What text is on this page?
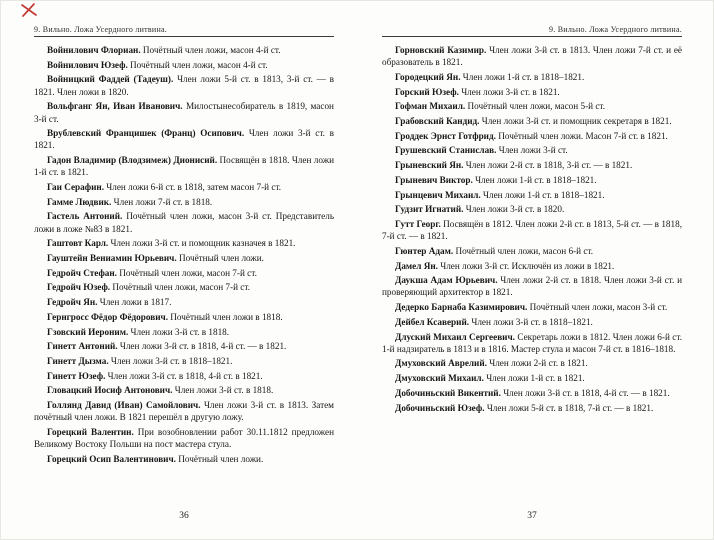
9. Вильно. Ложа Усердного литвина.

Войнилович Флориан. Почётный член ложи, масон 4-й ст.

Войнилович Юзеф. Почётный член ложи, масон 4-й ст.

Войницкий Фаддей (Тадеуш). Член ложи 5-й ст. в 1813, 3-й ст. — в 1821. Член ложи в 1820.

Вольфганг Ян, Иван Иванович. Милостынесобиратель в 1819, масон 3-й ст.

Врублевский Францишек (Франц) Осипович. Член ложи 3-й ст. в 1821.

Гадон Владимир (Влодзимеж) Дионисий. Посвящён в 1818. Член ложи 1-й ст. в 1821.

Гаи Серафин. Член ложи 6-й ст. в 1818, затем масон 7-й ст.

Гамме Людвик. Член ложи 7-й ст. в 1818.

Гастель Антоний. Почётный член ложи, масон 3-й ст. Представитель ложи в ложе №83 в 1821.

Гаштовт Карл. Член ложи 3-й ст. и помощник казначея в 1821.

Гауштейн Вениамин Юрьевич. Почётный член ложи.

Гедройч Стефан. Почётный член ложи, масон 7-й ст.

Гедройч Юзеф. Почётный член ложи, масон 7-й ст.

Гедройч Ян. Член ложи в 1817.

Гернгросс Фёдор Фёдорович. Почётный член ложи в 1818.

Гзовский Иероним. Член ложи 3-й ст. в 1818.

Гинетт Антоний. Член ложи 3-й ст. в 1818, 4-й ст. — в 1821.

Гинетт Дызма. Член ложи 3-й ст. в 1818–1821.

Гинетт Юзеф. Член ложи 3-й ст. в 1818, 4-й ст. в 1821.

Гловацкий Иосиф Антонович. Член ложи 3-й ст. в 1818.

Голлянд Давид (Иван) Самойлович. Член ложи 3-й ст. в 1813. Затем почётный член ложи. В 1821 перешёл в другую ложу.

Горецкий Валентин. При возобновлении работ 30.11.1812 предложен Великому Востоку Польши на пост мастера стула.

Горецкий Осип Валентинович. Почётный член ложи.

36
9. Вильно. Ложа Усердного литвина.

Горновский Казимир. Член ложи 3-й ст. в 1813. Член ложи 7-й ст. и её образователь в 1821.

Городецкий Ян. Член ложи 1-й ст. в 1818–1821.

Горский Юзеф. Член ложи 3-й ст. в 1821.

Гофман Михаил. Почётный член ложи, масон 5-й ст.

Грабовский Кандид. Член ложи 3-й ст. и помощник секретаря в 1821.

Гроддек Эрнст Готфрид. Почётный член ложи. Масон 7-й ст. в 1821.

Грушевский Станислав. Член ложи 3-й ст.

Грыневский Ян. Член ложи 2-й ст. в 1818, 3-й ст. — в 1821.

Грыневич Виктор. Член ложи 1-й ст. в 1818–1821.

Грынцевич Михаил. Член ложи 1-й ст. в 1818–1821.

Гудзит Игнатий. Член ложи 3-й ст. в 1820.

Гутт Георг. Посвящён в 1812. Член ложи 2-й ст. в 1813, 5-й ст. — в 1818, 7-й ст. — в 1821.

Гюнтер Адам. Почётный член ложи, масон 6-й ст.

Дамел Ян. Член ложи 3-й ст. Исключён из ложи в 1821.

Даукша Адам Юрьевич. Член ложи 2-й ст. в 1818. Член ложи 3-й ст. и проверяющий архитектор в 1821.

Дедерко Барнаба Казимирович. Почётный член ложи, масон 3-й ст.

Дейбел Ксаверий. Член ложи 3-й ст. в 1818–1821.

Длуский Михаил Сергеевич. Секретарь ложи в 1812. Член ложи 6-й ст. 1-й надзиратель в 1813 и в 1816. Мастер стула и масон 7-й ст. в 1816–1818.

Дмуховский Аврелий. Член ложи 2-й ст. в 1821.

Дмуховский Михаил. Член ложи 1-й ст. в 1821.

Добочиньский Викентий. Член ложи 3-й ст. в 1818, 4-й ст. — в 1821.

Добочиньский Юзеф. Член ложи 5-й ст. в 1818, 7-й ст. — в 1821.

37
